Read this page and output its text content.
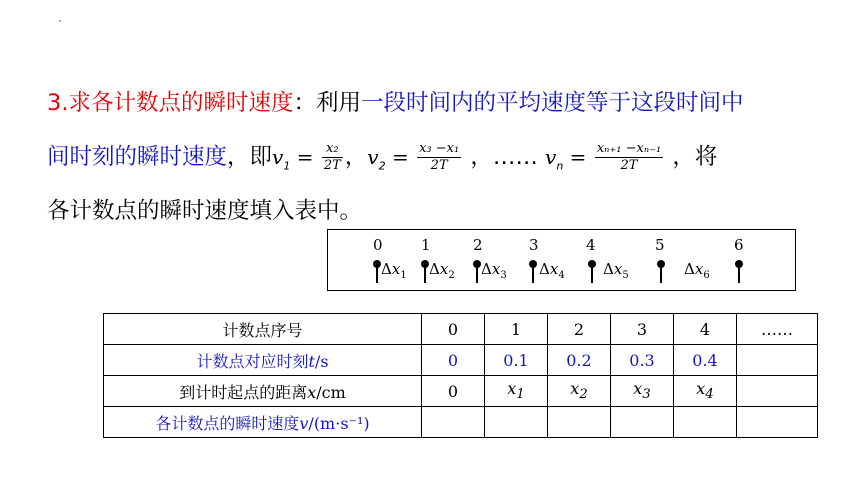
3.求各计数点的瞬时速度：利用一段时间内的平均速度等于这段时间中
间时刻的瞬时速度，即$v_1 = \frac{\text{x₂}}{2T}$ ，$v_2 = \frac{\text{x₃ −x₁}}{2T}$ ，…… $v_n = \frac{\text{xₙ₊₁ −xₙ₋₁}}{2T}$ ，将
各计数点的瞬时速度填入表中。
0	1	2	3	4	5	6
$\Delta x_1$ $\Delta x_2$ $\Delta x_3$ $\Delta x_4$	$\Delta x_5$	$\Delta x_6$
计数点序号	0	1	2	3	4	……
计数点对应时刻t/s	0	0.1	0.2	0.3	0.4	
到计时起点的距离x/cm	0	$x_1$	$x_2$	$x_3$	$x_4$	
各计数点的瞬时速度v/(m·s⁻¹)						
